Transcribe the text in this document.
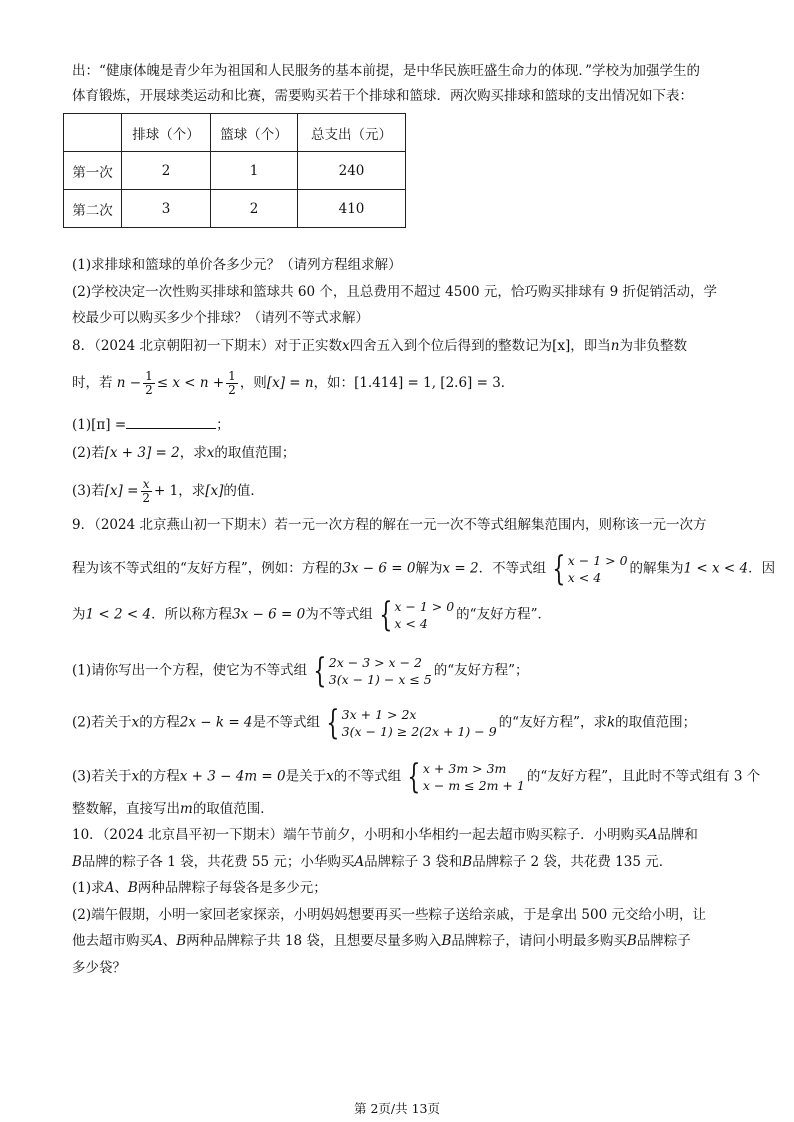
出：“健康体魄是青少年为祖国和人民服务的基本前提，是中华民族旺盛生命力的体现．”学校为加强学生的
体育锻炼，开展球类运动和比赛，需要购买若干个排球和篮球．两次购买排球和篮球的支出情况如下表：
	排球（个）	篮球（个）	总支出（元）
第一次	2	1	240
第二次	3	2	410
(1)求排球和篮球的单价各多少元？（请列方程组求解）
(2)学校决定一次性购买排球和篮球共 60 个，且总费用不超过 4500 元，恰巧购买排球有 9 折促销活动，学
校最少可以购买多少个排球？（请列不等式求解）
8．（2024 北京朝阳初一下期末）对于正实数x四舍五入到个位后得到的整数记为[x]，即当n为非负整数
时，若 $n - \frac{1}{2} \le x < n + \frac{1}{2}$ ，则[x] = n，如：[1.414] = 1, [2.6] = 3．
(1)[π] =	；
(2)若[x + 3] = 2，求x的取值范围；
(3)若$[x] = \frac{x}{2} + 1$，求[x]的值．
9．（2024 北京燕山初一下期末）若一元一次方程的解在一元一次不等式组解集范围内，则称该一元一次方
程为该不等式组的“友好方程”，例如：方程的3x − 6 = 0解为x = 2．不等式组 { x − 1 > 0
x < 4
的解集为1 < x < 4．因
为1 < 2 < 4．所以称方程3x − 6 = 0为不等式组 { x − 1 > 0
x < 4
的“友好方程”．
(1)请你写出一个方程，使它为不等式组 { 2x − 3 > x − 2
3(x − 1) − x ≤ 5
的“友好方程”；
(2)若关于x的方程2x − k = 4是不等式组 { 3x + 1 > 2x
3(x − 1) ≥ 2(2x + 1) − 9
的“友好方程”，求k的取值范围；
(3)若关于x的方程x + 3 − 4m = 0是关于x的不等式组 { x + 3m > 3m
x − m ≤ 2m + 1
的“友好方程”，且此时不等式组有 3 个
整数解，直接写出m的取值范围．
10．（2024 北京昌平初一下期末）端午节前夕，小明和小华相约一起去超市购买粽子．小明购买A品牌和
B品牌的粽子各 1 袋，共花费 55 元；小华购买A品牌粽子 3 袋和B品牌粽子 2 袋，共花费 135 元．
(1)求A、B两种品牌粽子每袋各是多少元；
(2)端午假期，小明一家回老家探亲，小明妈妈想要再买一些粽子送给亲戚，于是拿出 500 元交给小明，让
他去超市购买A、B两种品牌粽子共 18 袋，且想要尽量多购入B品牌粽子，请问小明最多购买B品牌粽子
多少袋？
第 2页/共 13页
